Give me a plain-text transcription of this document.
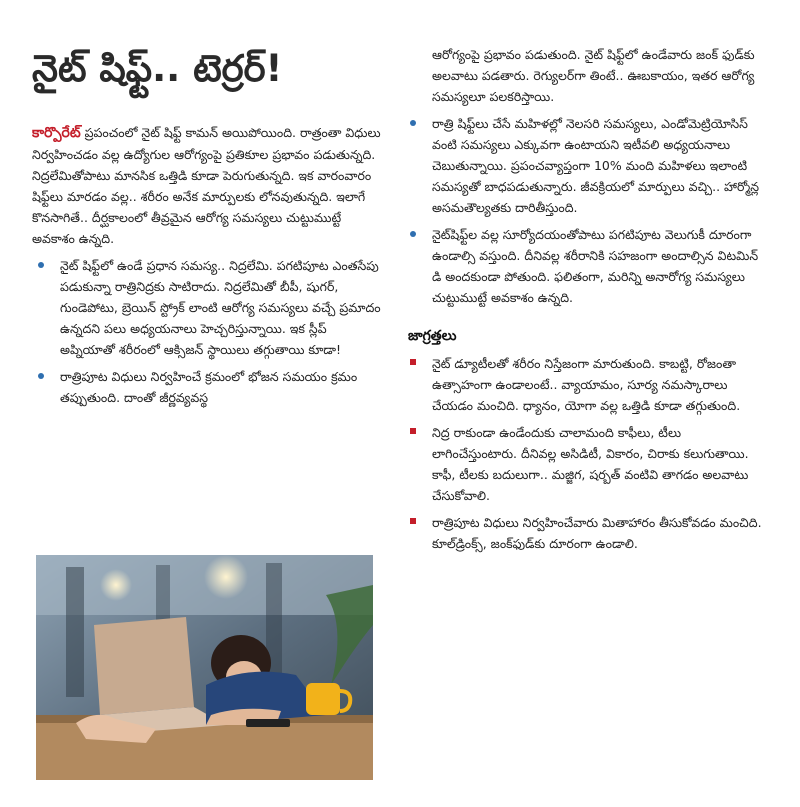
నైట్ షిఫ్ట్.. టెర్రర్!

కార్పొరేట్ ప్రపంచంలో నైట్ షిఫ్ట్ కామన్ అయిపోయింది. రాత్రంతా విధులు నిర్వహించడం వల్ల ఉద్యోగుల ఆరోగ్యంపై ప్రతికూల ప్రభావం పడుతున్నది. నిద్రలేమితోపాటు మానసిక ఒత్తిడి కూడా పెరుగుతున్నది. ఇక వారంవారం షిఫ్ట్‌లు మారడం వల్ల.. శరీరం అనేక మార్పులకు లోనవుతున్నది. ఇలాగే కొనసాగితే.. దీర్ఘకాలంలో తీవ్రమైన ఆరోగ్య సమస్యలు చుట్టుముట్టే అవకాశం ఉన్నది.

నైట్ షిఫ్ట్‌లో ఉండే ప్రధాన సమస్య.. నిద్రలేమి. పగటిపూట ఎంతసేపు పడుకున్నా రాత్రినిద్రకు సాటిరాదు. నిద్రలేమితో బీపీ, షుగర్, గుండెపోటు, బ్రెయిన్ స్ట్రోక్ లాంటి ఆరోగ్య సమస్యలు వచ్చే ప్రమాదం ఉన్నదని పలు అధ్యయనాలు హెచ్చరిస్తున్నాయి. ఇక స్లీప్ అప్నియాతో శరీరంలో ఆక్సిజన్ స్థాయిలు తగ్గుతాయి కూడా!
రాత్రిపూట విధులు నిర్వహించే క్రమంలో భోజన సమయం క్రమం తప్పుతుంది. దాంతో జీర్ణవ్యవస్థ

ఆరోగ్యంపై ప్రభావం పడుతుంది. నైట్ షిఫ్ట్‌లో ఉండేవారు జంక్ ఫుడ్‌కు అలవాటు పడతారు. రెగ్యులర్‌గా తింటే.. ఊబకాయం, ఇతర ఆరోగ్య సమస్యలూ పలకరిస్తాయి.

రాత్రి షిఫ్ట్‌లు చేసే మహిళల్లో నెలసరి సమస్యలు, ఎండోమెట్రియోసిస్ వంటి సమస్యలు ఎక్కువగా ఉంటాయని ఇటీవలి అధ్యయనాలు చెబుతున్నాయి. ప్రపంచవ్యాప్తంగా 10% మంది మహిళలు ఇలాంటి సమస్యతో బాధపడుతున్నారు. జీవక్రియలో మార్పులు వచ్చి.. హార్మోన్ల అసమతౌల్యతకు దారితీస్తుంది.
నైట్‌షిఫ్ట్‌ల వల్ల సూర్యోదయంతోపాటు పగటిపూట వెలుగుకీ దూరంగా ఉండాల్సి వస్తుంది. దీనివల్ల శరీరానికి సహజంగా అందాల్సిన విటమిన్ డి అందకుండా పోతుంది. ఫలితంగా, మరిన్ని అనారోగ్య సమస్యలు చుట్టుముట్టే అవకాశం ఉన్నది.
జాగ్రత్తలు
నైట్ డ్యూటీలతో శరీరం నిస్తేజంగా మారుతుంది. కాబట్టి, రోజంతా ఉత్సాహంగా ఉండాలంటే.. వ్యాయామం, సూర్య నమస్కారాలు చేయడం మంచిది. ధ్యానం, యోగా వల్ల ఒత్తిడి కూడా తగ్గుతుంది.
నిద్ర రాకుండా ఉండేందుకు చాలామంది కాఫీలు, టీలు లాగించేస్తుంటారు. దీనివల్ల అసిడిటీ, వికారం, చిరాకు కలుగుతాయి. కాఫీ, టీలకు బదులుగా.. మజ్జిగ, షర్బత్ వంటివి తాగడం అలవాటు చేసుకోవాలి.
రాత్రిపూట విధులు నిర్వహించేవారు మితాహారం తీసుకోవడం మంచిది. కూల్‌డ్రింక్స్, జంక్‌ఫుడ్‌కు దూరంగా ఉండాలి.
